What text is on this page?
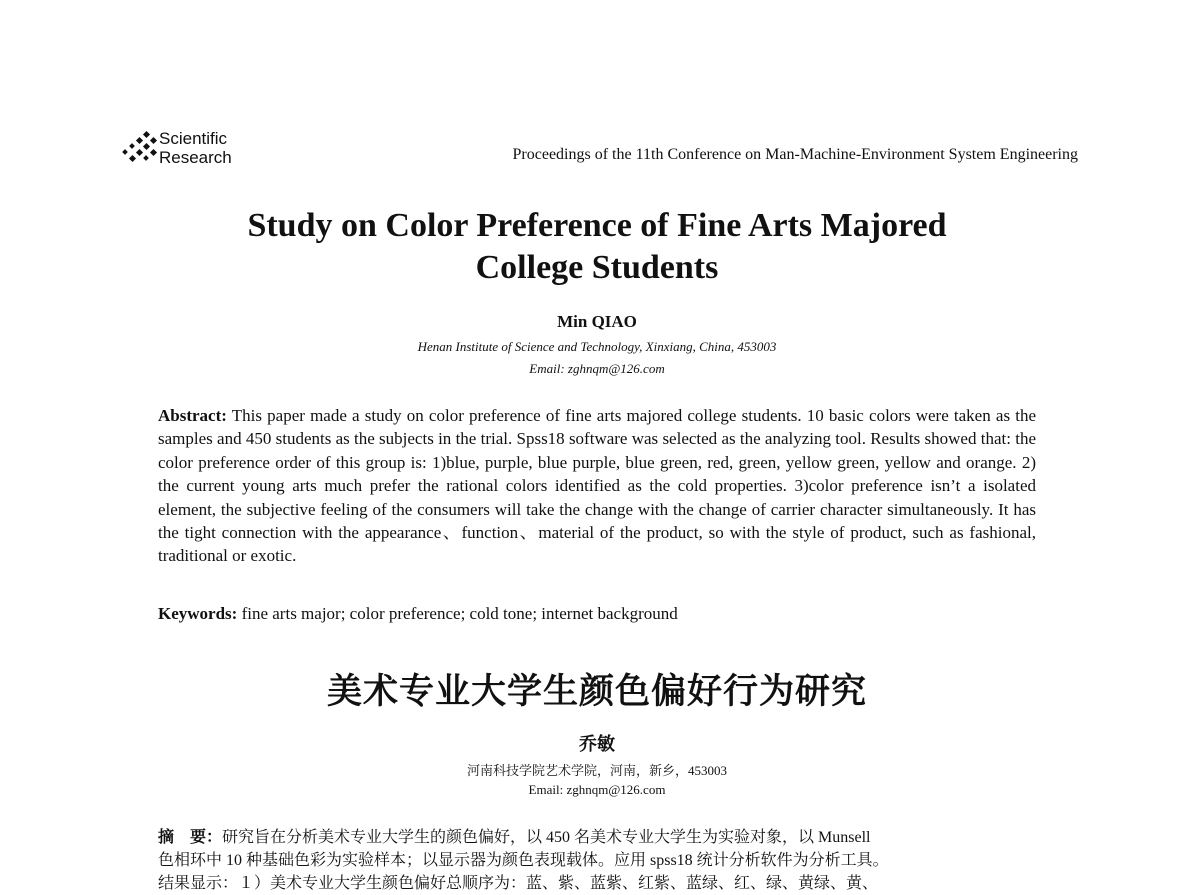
Scientific
Research	Proceedings of the 11th Conference on Man-Machine-Environment System Engineering
Study on Color Preference of Fine Arts Majored
College Students

Min QIAO

Henan Institute of Science and Technology, Xinxiang, China, 453003

Email: zghnqm@126.com

Abstract: This paper made a study on color preference of fine arts majored college students. 10 basic colors were taken as the samples and 450 students as the subjects in the trial. Spss18 software was selected as the analyzing tool. Results showed that: the color preference order of this group is: 1)blue, purple, blue purple, blue green, red, green, yellow green, yellow and orange. 2) the current young arts much prefer the rational colors identified as the cold properties. 3)color preference isn’t a isolated element, the subjective feeling of the consumers will take the change with the change of carrier character simultaneously. It has the tight connection with the appearance、function、material of the product, so with the style of product, such as fashional, traditional or exotic.

Keywords: fine arts major; color preference; cold tone; internet background

美术专业大学生颜色偏好行为研究

乔敏

河南科技学院艺术学院，河南，新乡，453003

Email: zghnqm@126.com

摘　要：研究旨在分析美术专业大学生的颜色偏好，以 450 名美术专业大学生为实验对象，以 Munsell
色相环中 10 种基础色彩为实验样本；以显示器为颜色表现载体。应用 spss18 统计分析软件为分析工具。
结果显示：１）美术专业大学生颜色偏好总顺序为：蓝、紫、蓝紫、红紫、蓝绿、红、绿、黄绿、黄、
